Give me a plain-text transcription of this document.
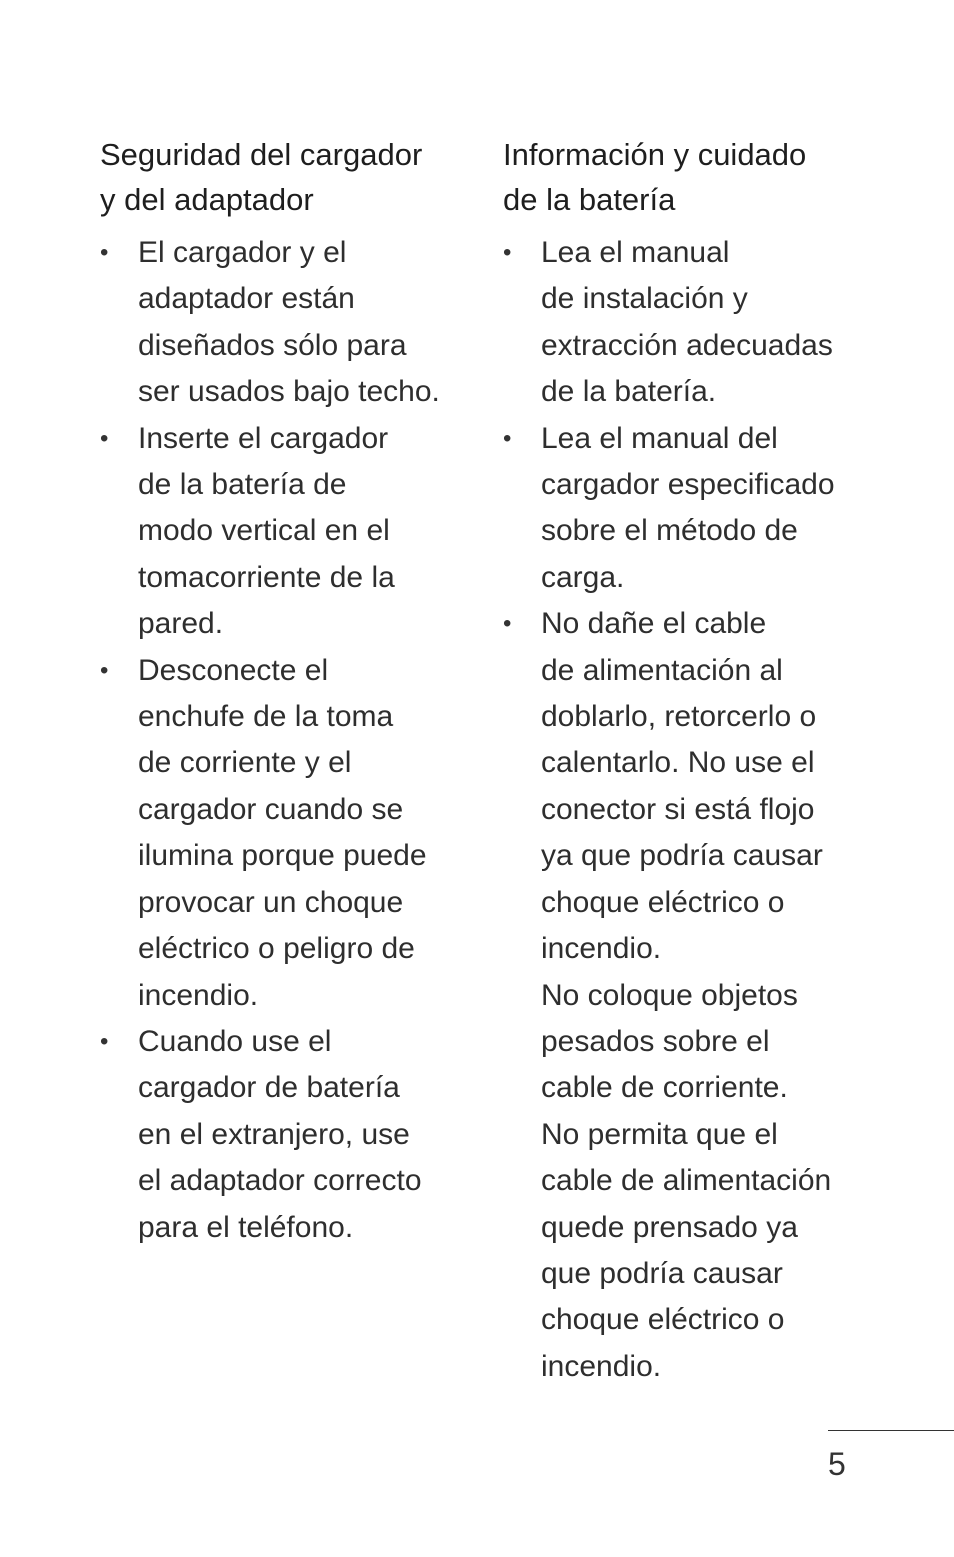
Seguridad del cargador
y del adaptador
• El cargador y el
adaptador están
diseñados sólo para
ser usados bajo techo.
• Inserte el cargador
de la batería de
modo vertical en el
tomacorriente de la
pared.
• Desconecte el
enchufe de la toma
de corriente y el
cargador cuando se
ilumina porque puede
provocar un choque
eléctrico o peligro de
incendio.
• Cuando use el
cargador de batería
en el extranjero, use
el adaptador correcto
para el teléfono.
Información y cuidado
de la batería
• Lea el manual
de instalación y
extracción adecuadas
de la batería.
• Lea el manual del
cargador especificado
sobre el método de
carga.
• No dañe el cable
de alimentación al
doblarlo, retorcerlo o
calentarlo. No use el
conector si está flojo
ya que podría causar
choque eléctrico o
incendio.
No coloque objetos
pesados sobre el
cable de corriente.
No permita que el
cable de alimentación
quede prensado ya
que podría causar
choque eléctrico o
incendio.
5
